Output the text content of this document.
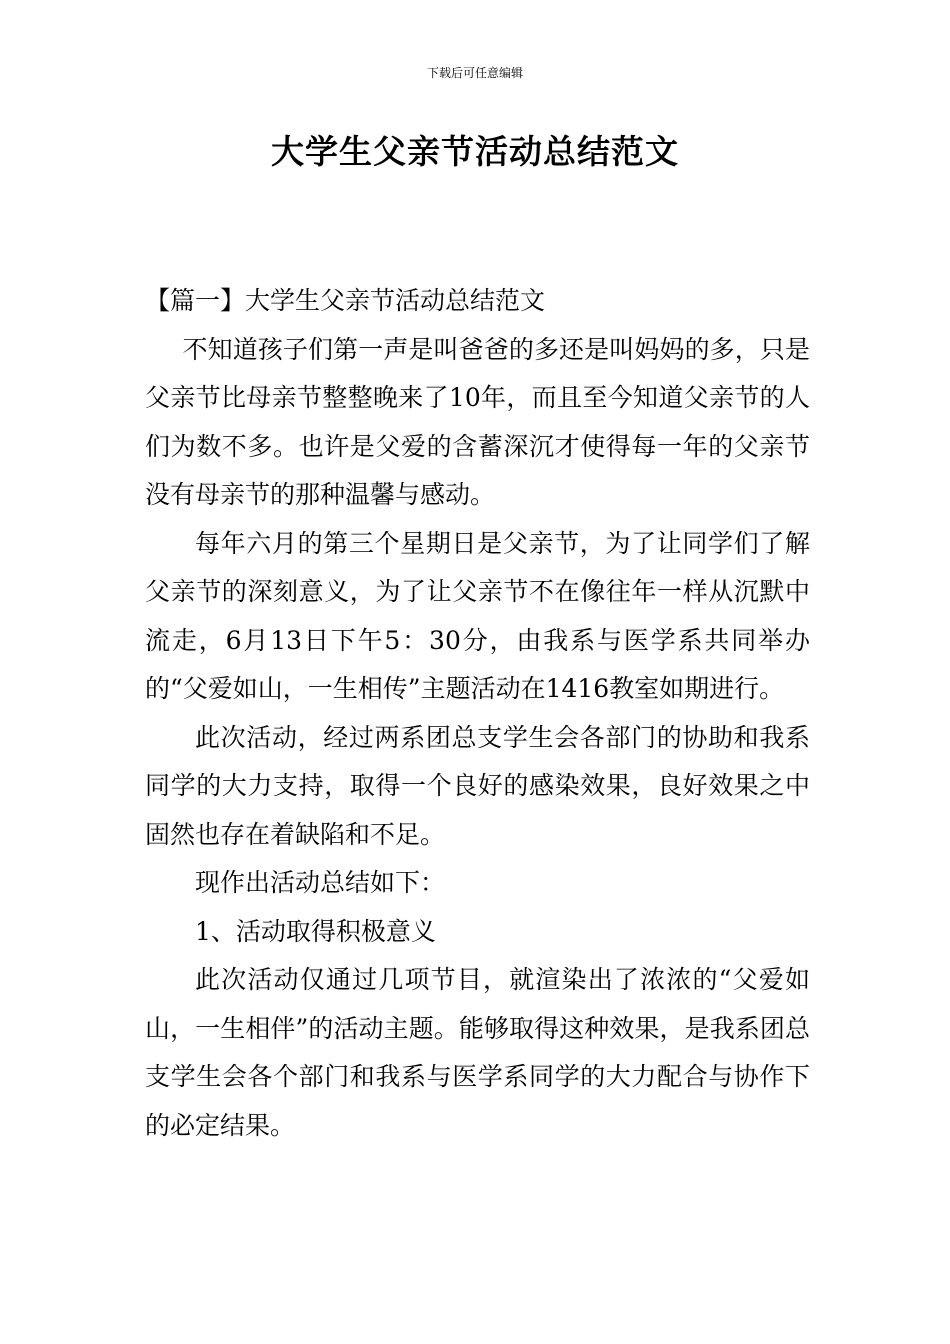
下载后可任意编辑
大学生父亲节活动总结范文

【篇一】大学生父亲节活动总结范文

不知道孩子们第一声是叫爸爸的多还是叫妈妈的多，只是父亲节比母亲节整整晚来了10年，而且至今知道父亲节的人们为数不多。也许是父爱的含蓄深沉才使得每一年的父亲节没有母亲节的那种温馨与感动。

每年六月的第三个星期日是父亲节，为了让同学们了解父亲节的深刻意义，为了让父亲节不在像往年一样从沉默中流走，6月13日下午5：30分，由我系与医学系共同举办的“父爱如山，一生相传”主题活动在1416教室如期进行。

此次活动，经过两系团总支学生会各部门的协助和我系同学的大力支持，取得一个良好的感染效果，良好效果之中固然也存在着缺陷和不足。

现作出活动总结如下：

1、活动取得积极意义

此次活动仅通过几项节目，就渲染出了浓浓的“父爱如山，一生相伴”的活动主题。能够取得这种效果，是我系团总支学生会各个部门和我系与医学系同学的大力配合与协作下的必定结果。
